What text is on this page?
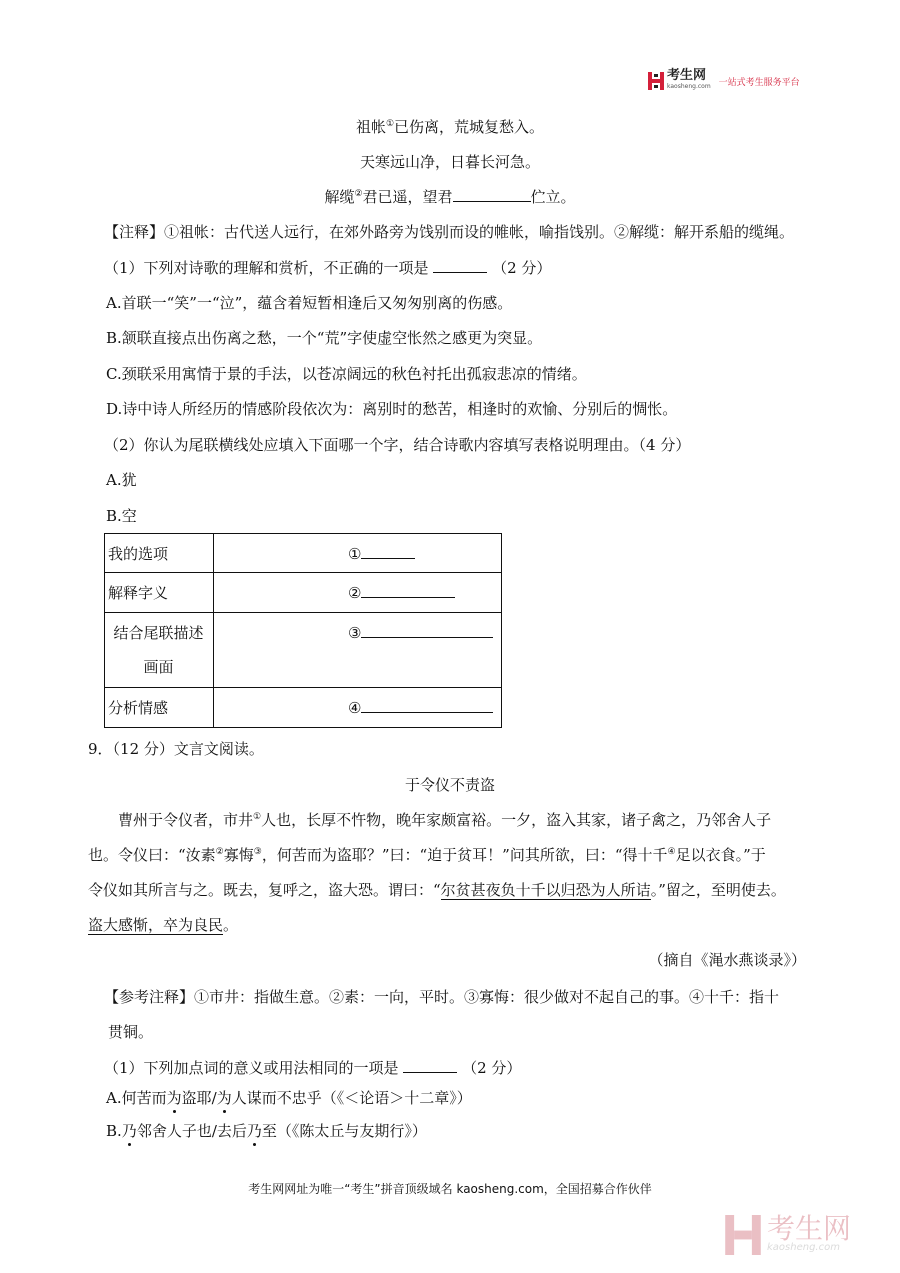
考生网
kaosheng.com 一站式考生服务平台
祖帐①已伤离，荒城复愁入。
天寒远山净，日暮长河急。
解缆②君已遥，望君	伫立。
【注释】①祖帐：古代送人远行，在郊外路旁为饯别而设的帷帐，喻指饯别。②解缆：解开系船的缆绳。
（1）下列对诗歌的理解和赏析，不正确的一项是	（2 分）
A.首联一“笑”一“泣”，蕴含着短暂相逢后又匆匆别离的伤感。
B.颔联直接点出伤离之愁，一个“荒”字使虚空怅然之感更为突显。
C.颈联采用寓情于景的手法，以苍凉阔远的秋色衬托出孤寂悲凉的情绪。
D.诗中诗人所经历的情感阶段依次为：离别时的愁苦，相逢时的欢愉、分别后的惆怅。
（2）你认为尾联横线处应填入下面哪一个字，结合诗歌内容填写表格说明理由。（4 分）
A.犹
B.空
我的选项	①
解释字义	②
结合尾联描述
画面	③
分析情感	④
9．（12 分）文言文阅读。
于令仪不责盗
曹州于令仪者，市井①人也，长厚不忤物，晚年家颇富裕。一夕，盗入其家，诸子禽之，乃邻舍人子
也。令仪曰：“汝素②寡悔③，何苦而为盗耶？”曰：“迫于贫耳！”问其所欲，曰：“得十千④足以衣食。”于
令仪如其所言与之。既去，复呼之，盗大恐。谓曰：“尔贫甚夜负十千以归恐为人所诘。”留之，至明使去。
盗大感惭，卒为良民。
（摘自《渑水燕谈录》）
【参考注释】①市井：指做生意。②素：一向，平时。③寡悔：很少做对不起自己的事。④十千：指十
贯铜。
（1）下列加点词的意义或用法相同的一项是	（2 分）
A.何苦而为盗耶/为人谋而不忠乎（《＜论语＞十二章》）
B.乃邻舍人子也/去后乃至（《陈太丘与友期行》）
考生网网址为唯一“考生”拼音顶级域名 kaosheng.com，全国招募合作伙伴
考生网
kaosheng.com
